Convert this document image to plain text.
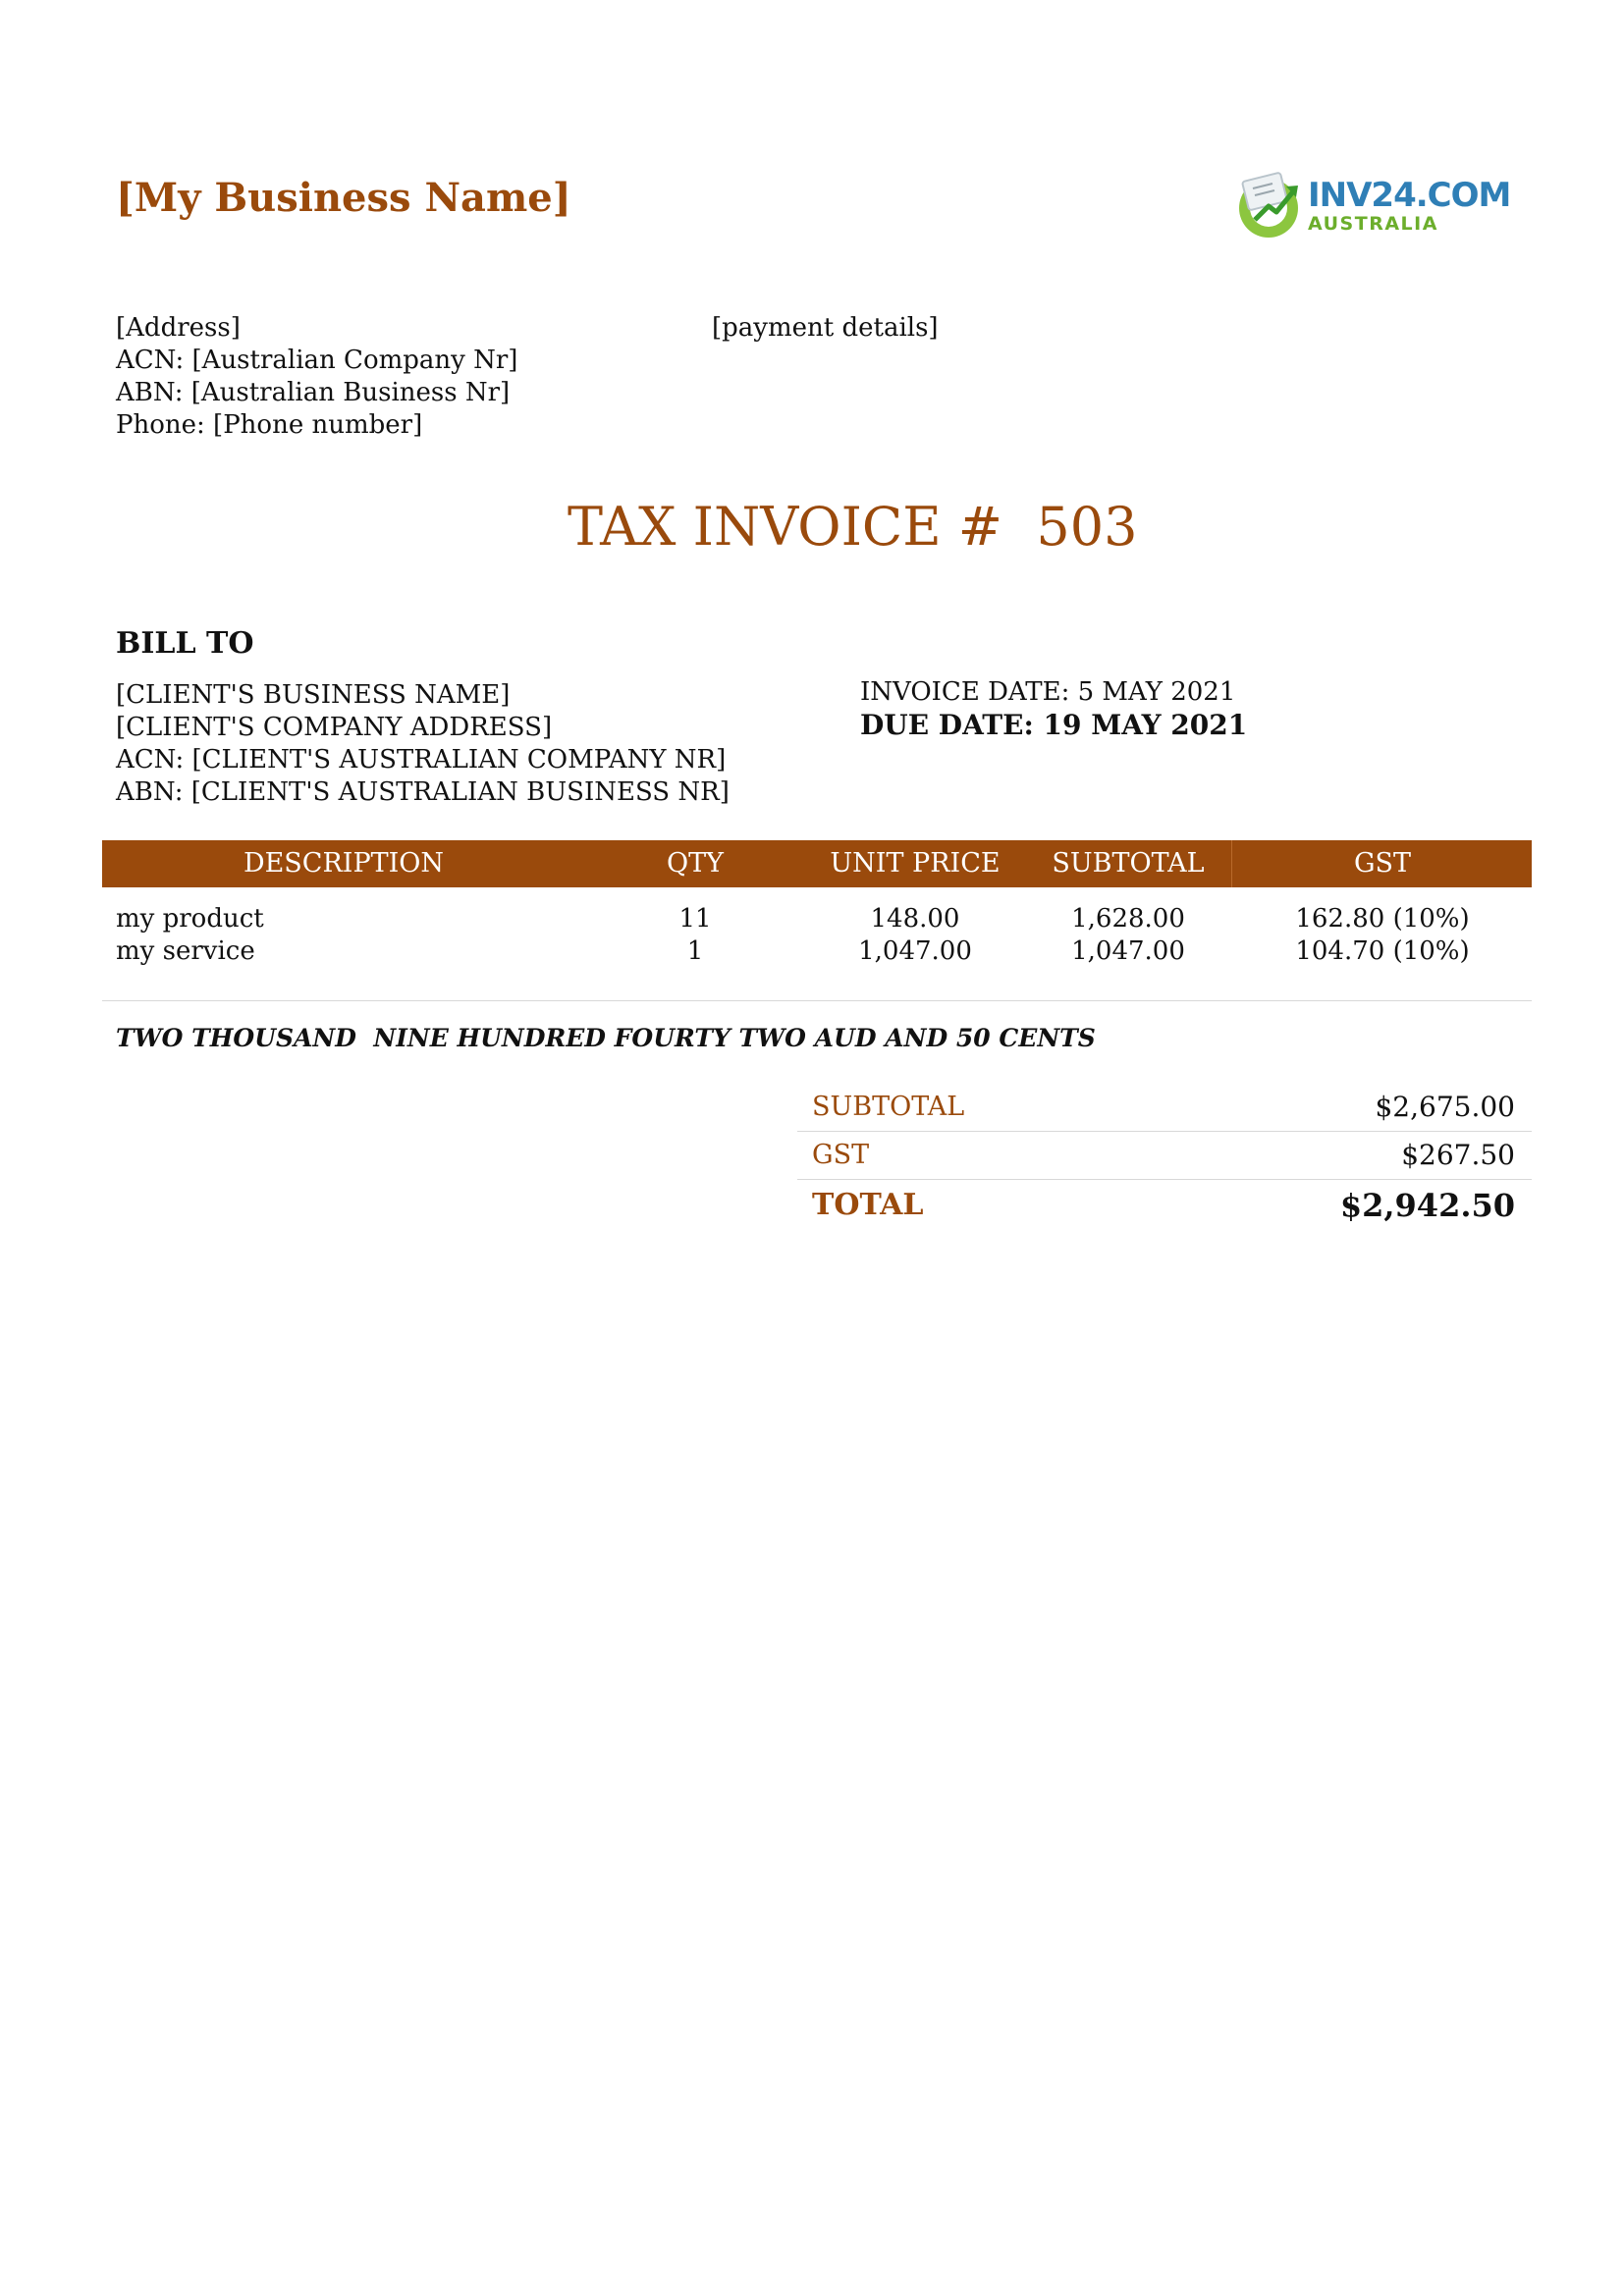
[My Business Name]	INV24.COM
AUSTRALIA
[Address]
ACN: [Australian Company Nr]
ABN: [Australian Business Nr]
Phone: [Phone number]
[payment details]
TAX INVOICE #  503
BILL TO
[CLIENT'S BUSINESS NAME]
[CLIENT'S COMPANY ADDRESS]
ACN: [CLIENT'S AUSTRALIAN COMPANY NR]
ABN: [CLIENT'S AUSTRALIAN BUSINESS NR]
INVOICE DATE: 5 MAY 2021
DUE DATE: 19 MAY 2021
DESCRIPTION	QTY	UNIT PRICE	SUBTOTAL	GST
my product	11	148.00	1,628.00	162.80 (10%)
my service	1	1,047.00	1,047.00	104.70 (10%)
TWO THOUSAND  NINE HUNDRED FOURTY TWO AUD AND 50 CENTS
SUBTOTAL	$2,675.00
GST	$267.50
TOTAL	$2,942.50
